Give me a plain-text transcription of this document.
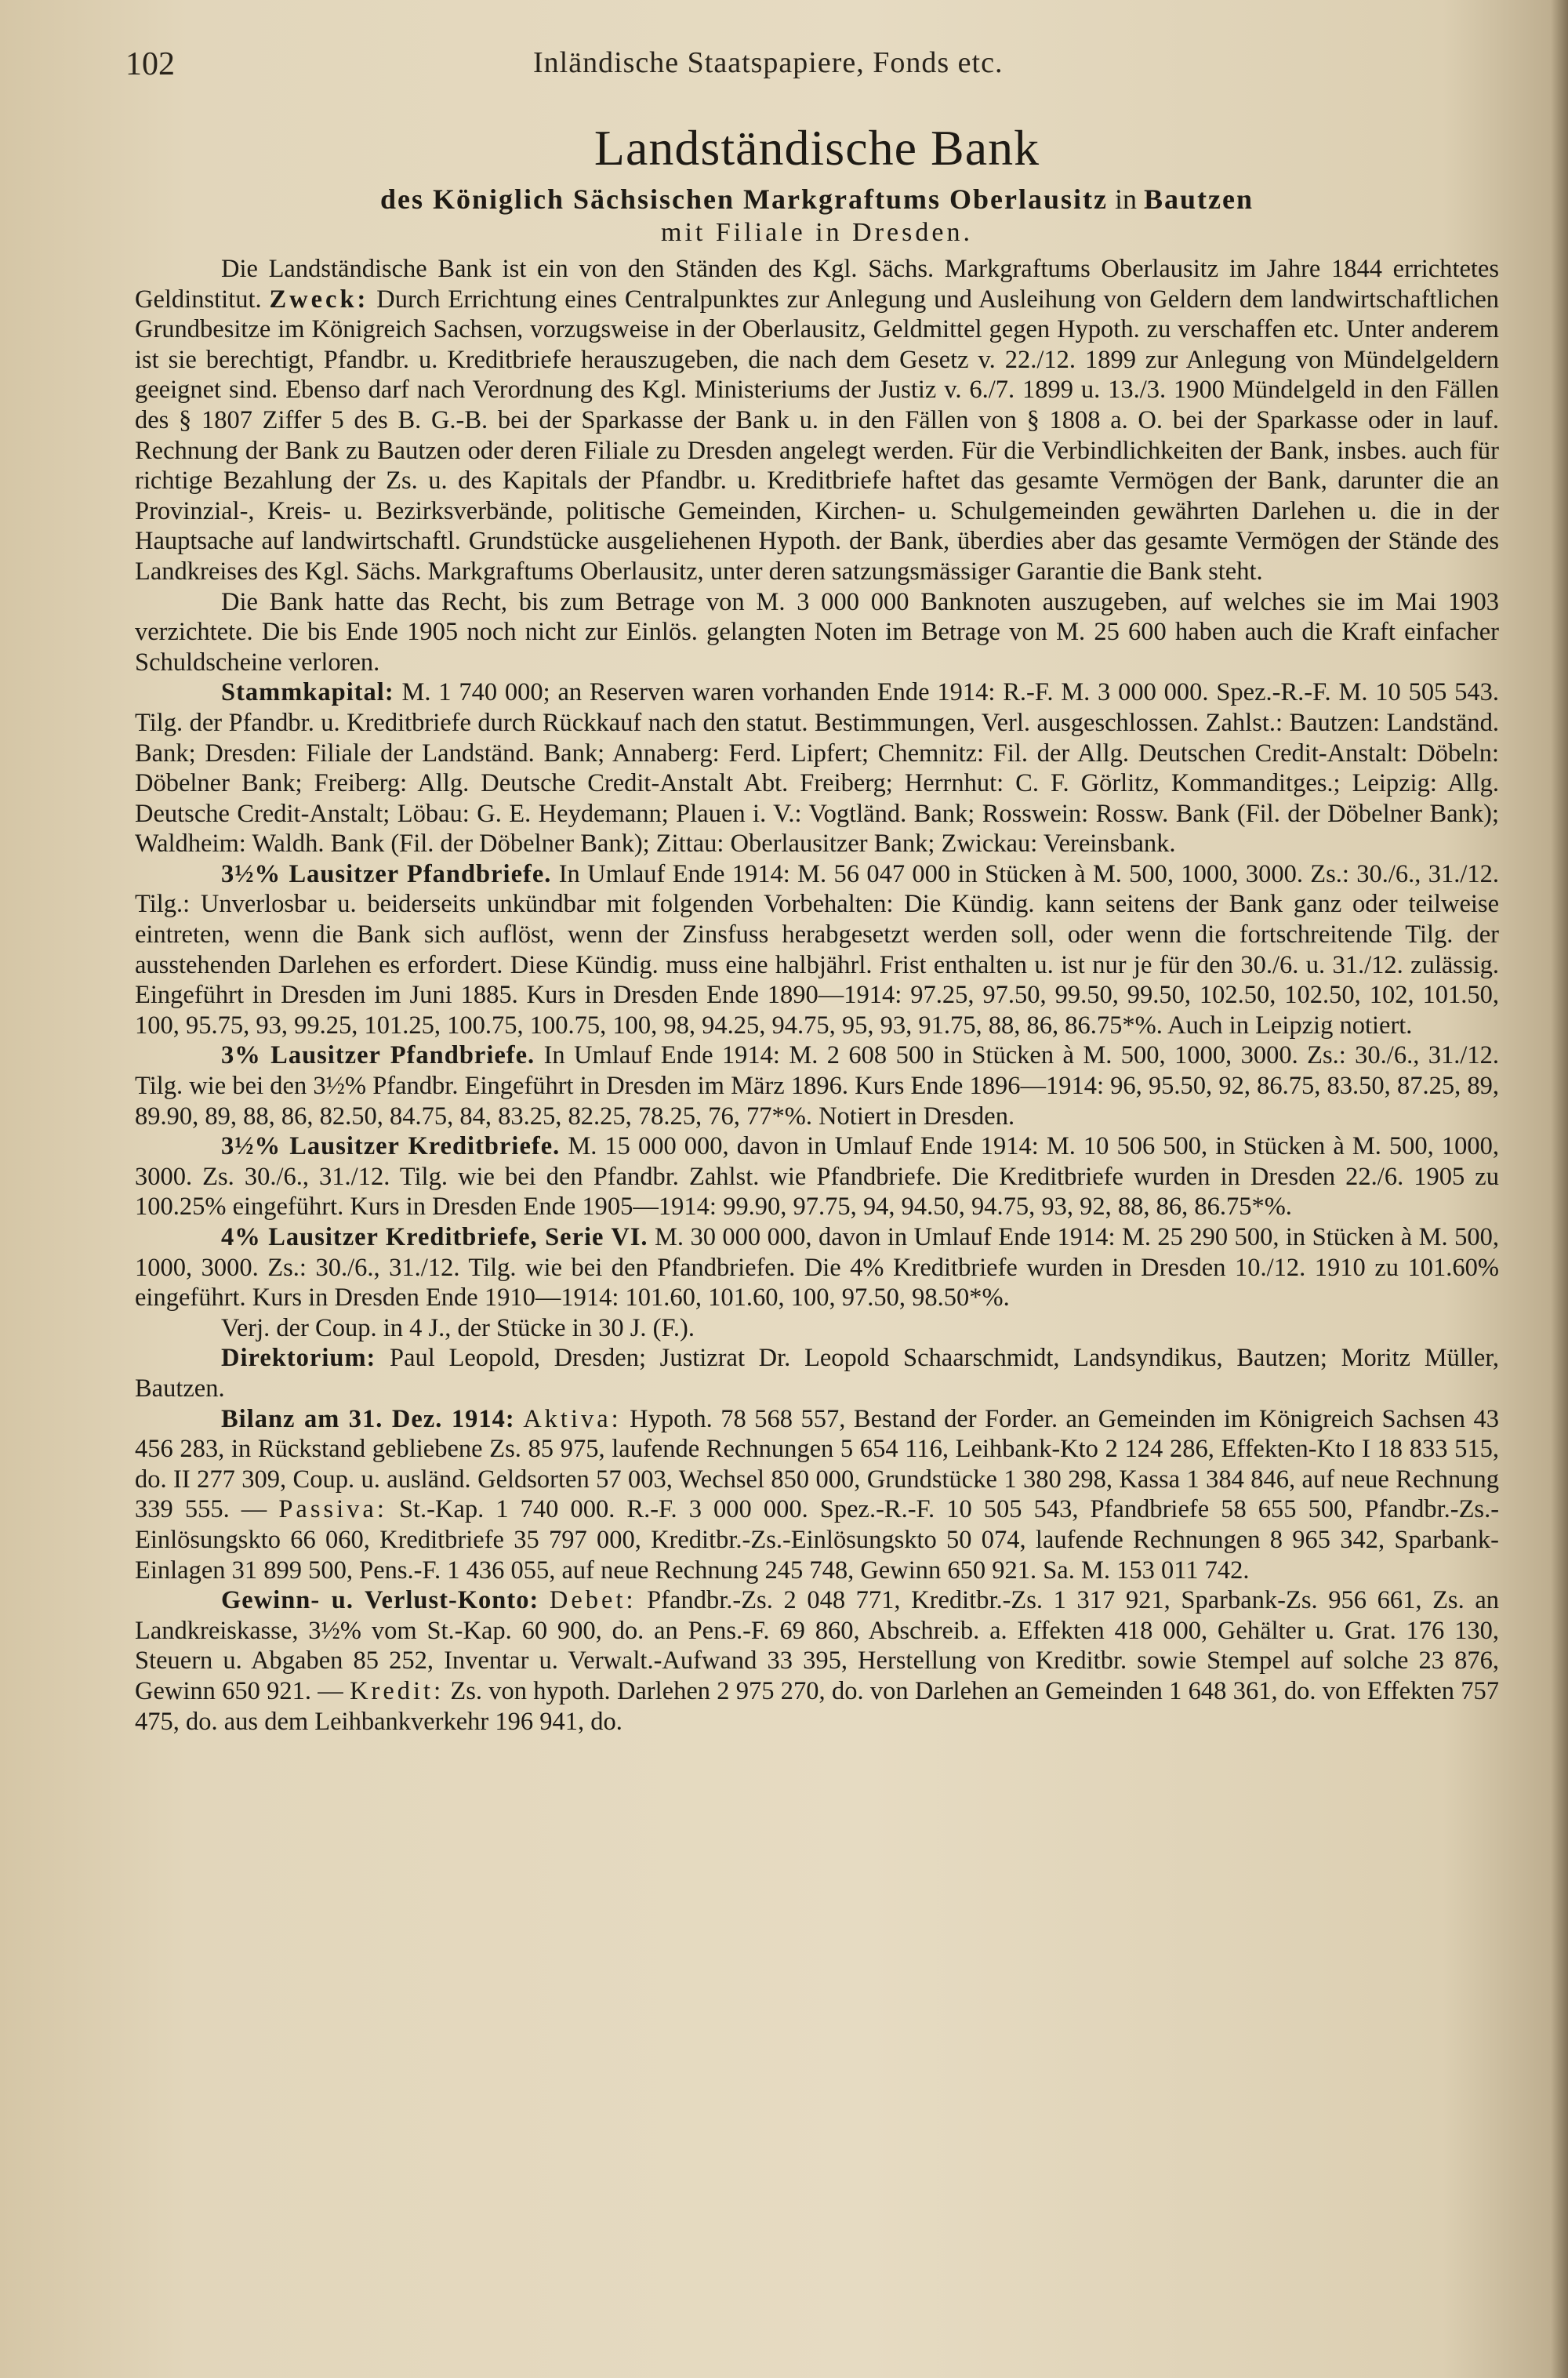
102	Inländische Staatspapiere, Fonds etc.
Landständische Bank

des Königlich Sächsischen Markgraftums Oberlausitz in Bautzen

mit Filiale in Dresden.

Die Landständische Bank ist ein von den Ständen des Kgl. Sächs. Markgraftums Oberlausitz im Jahre 1844 errichtetes Geldinstitut. Zweck: Durch Errichtung eines Centralpunktes zur Anlegung und Ausleihung von Geldern dem landwirtschaftlichen Grundbesitze im Königreich Sachsen, vorzugsweise in der Oberlausitz, Geldmittel gegen Hypoth. zu verschaffen etc. Unter anderem ist sie berechtigt, Pfandbr. u. Kreditbriefe herauszugeben, die nach dem Gesetz v. 22./12. 1899 zur Anlegung von Mündelgeldern geeignet sind. Ebenso darf nach Verordnung des Kgl. Ministeriums der Justiz v. 6./7. 1899 u. 13./3. 1900 Mündelgeld in den Fällen des § 1807 Ziffer 5 des B. G.-B. bei der Sparkasse der Bank u. in den Fällen von § 1808 a. O. bei der Sparkasse oder in lauf. Rechnung der Bank zu Bautzen oder deren Filiale zu Dresden angelegt werden. Für die Verbindlichkeiten der Bank, insbes. auch für richtige Bezahlung der Zs. u. des Kapitals der Pfandbr. u. Kreditbriefe haftet das gesamte Vermögen der Bank, darunter die an Provinzial-, Kreis- u. Bezirksverbände, politische Gemeinden, Kirchen- u. Schulgemeinden gewährten Darlehen u. die in der Hauptsache auf landwirtschaftl. Grundstücke ausgeliehenen Hypoth. der Bank, überdies aber das gesamte Vermögen der Stände des Landkreises des Kgl. Sächs. Markgraftums Oberlausitz, unter deren satzungsmässiger Garantie die Bank steht.

Die Bank hatte das Recht, bis zum Betrage von M. 3 000 000 Banknoten auszugeben, auf welches sie im Mai 1903 verzichtete. Die bis Ende 1905 noch nicht zur Einlös. gelangten Noten im Betrage von M. 25 600 haben auch die Kraft einfacher Schuldscheine verloren.

Stammkapital: M. 1 740 000; an Reserven waren vorhanden Ende 1914: R.-F. M. 3 000 000. Spez.-R.-F. M. 10 505 543. Tilg. der Pfandbr. u. Kreditbriefe durch Rückkauf nach den statut. Bestimmungen, Verl. ausgeschlossen. Zahlst.: Bautzen: Landständ. Bank; Dresden: Filiale der Landständ. Bank; Annaberg: Ferd. Lipfert; Chemnitz: Fil. der Allg. Deutschen Credit-Anstalt: Döbeln: Döbelner Bank; Freiberg: Allg. Deutsche Credit-Anstalt Abt. Freiberg; Herrnhut: C. F. Görlitz, Kommanditges.; Leipzig: Allg. Deutsche Credit-Anstalt; Löbau: G. E. Heydemann; Plauen i. V.: Vogtländ. Bank; Rosswein: Rossw. Bank (Fil. der Döbelner Bank); Waldheim: Waldh. Bank (Fil. der Döbelner Bank); Zittau: Oberlausitzer Bank; Zwickau: Vereinsbank.

3½% Lausitzer Pfandbriefe. In Umlauf Ende 1914: M. 56 047 000 in Stücken à M. 500, 1000, 3000. Zs.: 30./6., 31./12. Tilg.: Unverlosbar u. beiderseits unkündbar mit folgenden Vorbehalten: Die Kündig. kann seitens der Bank ganz oder teilweise eintreten, wenn die Bank sich auflöst, wenn der Zinsfuss herabgesetzt werden soll, oder wenn die fortschreitende Tilg. der ausstehenden Darlehen es erfordert. Diese Kündig. muss eine halbjährl. Frist enthalten u. ist nur je für den 30./6. u. 31./12. zulässig. Eingeführt in Dresden im Juni 1885. Kurs in Dresden Ende 1890—1914: 97.25, 97.50, 99.50, 99.50, 102.50, 102.50, 102, 101.50, 100, 95.75, 93, 99.25, 101.25, 100.75, 100.75, 100, 98, 94.25, 94.75, 95, 93, 91.75, 88, 86, 86.75*%. Auch in Leipzig notiert.

3% Lausitzer Pfandbriefe. In Umlauf Ende 1914: M. 2 608 500 in Stücken à M. 500, 1000, 3000. Zs.: 30./6., 31./12. Tilg. wie bei den 3½% Pfandbr. Eingeführt in Dresden im März 1896. Kurs Ende 1896—1914: 96, 95.50, 92, 86.75, 83.50, 87.25, 89, 89.90, 89, 88, 86, 82.50, 84.75, 84, 83.25, 82.25, 78.25, 76, 77*%. Notiert in Dresden.

3½% Lausitzer Kreditbriefe. M. 15 000 000, davon in Umlauf Ende 1914: M. 10 506 500, in Stücken à M. 500, 1000, 3000. Zs. 30./6., 31./12. Tilg. wie bei den Pfandbr. Zahlst. wie Pfandbriefe. Die Kreditbriefe wurden in Dresden 22./6. 1905 zu 100.25% eingeführt. Kurs in Dresden Ende 1905—1914: 99.90, 97.75, 94, 94.50, 94.75, 93, 92, 88, 86, 86.75*%.

4% Lausitzer Kreditbriefe, Serie VI. M. 30 000 000, davon in Umlauf Ende 1914: M. 25 290 500, in Stücken à M. 500, 1000, 3000. Zs.: 30./6., 31./12. Tilg. wie bei den Pfandbriefen. Die 4% Kreditbriefe wurden in Dresden 10./12. 1910 zu 101.60% eingeführt. Kurs in Dresden Ende 1910—1914: 101.60, 101.60, 100, 97.50, 98.50*%.

Verj. der Coup. in 4 J., der Stücke in 30 J. (F.).

Direktorium: Paul Leopold, Dresden; Justizrat Dr. Leopold Schaarschmidt, Landsyndikus, Bautzen; Moritz Müller, Bautzen.

Bilanz am 31. Dez. 1914: Aktiva: Hypoth. 78 568 557, Bestand der Forder. an Gemeinden im Königreich Sachsen 43 456 283, in Rückstand gebliebene Zs. 85 975, laufende Rechnungen 5 654 116, Leihbank-Kto 2 124 286, Effekten-Kto I 18 833 515, do. II 277 309, Coup. u. ausländ. Geldsorten 57 003, Wechsel 850 000, Grundstücke 1 380 298, Kassa 1 384 846, auf neue Rechnung 339 555. — Passiva: St.-Kap. 1 740 000. R.-F. 3 000 000. Spez.-R.-F. 10 505 543, Pfandbriefe 58 655 500, Pfandbr.-Zs.-Einlösungskto 66 060, Kreditbriefe 35 797 000, Kreditbr.-Zs.-Einlösungskto 50 074, laufende Rechnungen 8 965 342, Sparbank-Einlagen 31 899 500, Pens.-F. 1 436 055, auf neue Rechnung 245 748, Gewinn 650 921. Sa. M. 153 011 742.

Gewinn- u. Verlust-Konto: Debet: Pfandbr.-Zs. 2 048 771, Kreditbr.-Zs. 1 317 921, Sparbank-Zs. 956 661, Zs. an Landkreiskasse, 3½% vom St.-Kap. 60 900, do. an Pens.-F. 69 860, Abschreib. a. Effekten 418 000, Gehälter u. Grat. 176 130, Steuern u. Abgaben 85 252, Inventar u. Verwalt.-Aufwand 33 395, Herstellung von Kreditbr. sowie Stempel auf solche 23 876, Gewinn 650 921. — Kredit: Zs. von hypoth. Darlehen 2 975 270, do. von Darlehen an Gemeinden 1 648 361, do. von Effekten 757 475, do. aus dem Leihbankverkehr 196 941, do.
